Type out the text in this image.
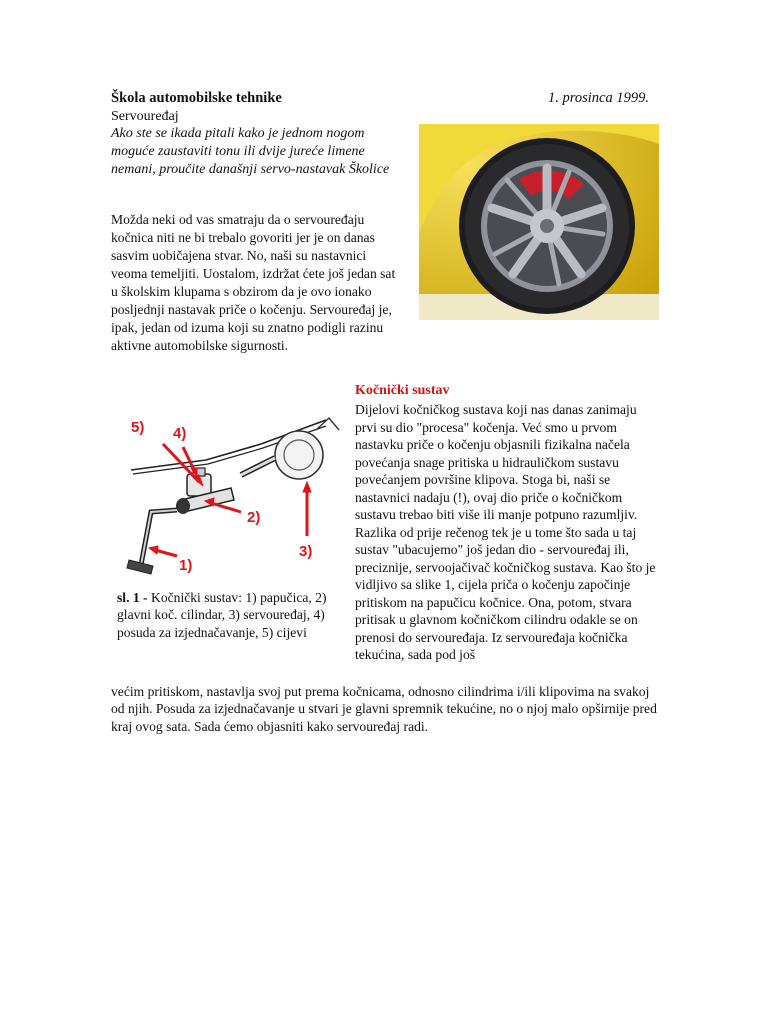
Škola automobilske tehnike	1. prosinca 1999.
Servouređaj
Ako ste se ikada pitali kako je jednom nogom moguće zaustaviti tonu ili dvije jureće limene nemani, proučite današnji servo-nastavak Školice
Možda neki od vas smatraju da o servouređaju kočnica niti ne bi trebalo govoriti jer je on danas sasvim uobičajena stvar. No, naši su nastavnici veoma temeljiti. Uostalom, izdržat ćete još jedan sat u školskim klupama s obzirom da je ovo ionako posljednji nastavak priče o kočenju. Servouređaj je, ipak, jedan od izuma koji su znatno podigli razinu aktivne automobilske sigurnosti.
Kočnički sustav
Dijelovi kočničkog sustava koji nas danas zanimaju prvi su dio "procesa" kočenja. Već smo u prvom nastavku priče o kočenju objasnili fizikalna načela povećanja snage pritiska u hidrauličkom sustavu povećanjem površine klipova. Stoga bi, naši se nastavnici nadaju (!), ovaj dio priče o kočničkom sustavu trebao biti više ili manje potpuno razumljiv. Razlika od prije rečenog tek je u tome što sada u taj sustav "ubacujemo" još jedan dio - servouređaj ili, preciznije, servoojačivač kočničkog sustava. Kao što je vidljivo sa slike 1, cijela priča o kočenju započinje pritiskom na papučicu kočnice. Ona, potom, stvara pritisak u glavnom kočničkom cilindru odakle se on prenosi do servouređaja. Iz servouređaja kočnička tekućina, sada pod još
5) 4)
2)
3)
1)
sl. 1 - Kočnički sustav: 1) papučica, 2) glavni koč. cilindar, 3) servouređaj, 4) posuda za izjednačavanje, 5) cijevi
većim pritiskom, nastavlja svoj put prema kočnicama, odnosno cilindrima i/ili klipovima na svakoj od njih. Posuda za izjednačavanje u stvari je glavni spremnik tekućine, no o njoj malo opširnije pred kraj ovog sata. Sada ćemo objasniti kako servouređaj radi.
